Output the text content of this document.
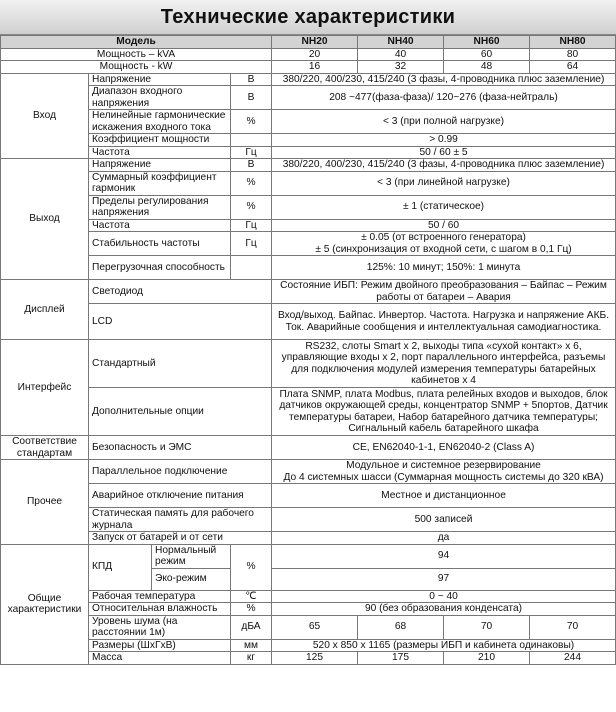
Технические характеристики
Модель				NH20	NH40	NH60	NH80
Мощность – kVA				20	40	60	80
Мощность - kW				16	32	48	64
Вход	Напряжение		В	380/220, 400/230, 415/240 (3 фазы, 4-проводника плюс заземление)			
	Диапазон входного напряжения		В	208 ~477(фаза-фаза)/ 120~276 (фаза-нейтраль)			
	Нелинейные гармонические искажения входного тока		%	< 3 (при полной нагрузке)			
	Коэффициент мощности			> 0.99			
	Частота		Гц	50 / 60 ± 5			
Выход	Напряжение		В	380/220, 400/230, 415/240 (3 фазы, 4-проводника плюс заземление)			
	Суммарный коэффициент гармоник		%	< 3 (при линейной нагрузке)			
	Пределы регулирования напряжения		%	± 1 (статическое)			
	Частота		Гц	50 / 60			
	Стабильность частоты		Гц	± 0.05 (от встроенного генератора)
± 5 (синхронизация от входной сети, с шагом в 0,1 Гц)			

	Перегрузочная способность			125%: 10 минут; 150%: 1 минута			
Дисплей	Светодиод			Состояние ИБП: Режим двойного преобразования – Байпас – Режим работы от батареи – Авария			
	LCD			Вход/выход. Байпас. Инвертор. Частота. Нагрузка и напряжение АКБ. Ток. Аварийные сообщения и интеллектуальная самодиагностика.			
Интерфейс	Стандартный			RS232, слоты Smart x 2, выходы типа «сухой контакт» x 6, управляющие входы x 2, порт параллельного интерфейса, разъемы для подключения модулей измерения температуры батарейных кабинетов x 4			
	Дополнительные опции			Плата SNMP, плата Modbus, плата релейных входов и выходов, блок датчиков окружающей среды, концентратор SNMP + 5портов, Датчик температуры батареи, Набор батарейного датчика температуры; Сигнальный кабель батарейного шкафа			
Соответствие стандартам	Безопасность и ЭМС			CE, EN62040-1-1, EN62040-2 (Class A)			
Прочее	Параллельное подключение			Модульное и системное резервирование
До 4 системных шасси (Суммарная мощность системы до 320 кВА)			

	Аварийное отключение питания			Местное и дистанционное			
	Статическая память для рабочего журнала			500 записей			
	Запуск от батарей и от сети			да			
Общие характеристики	КПД	Нормальный режим	%	94			
		Эко-режим		97			
	Рабочая температура		℃	0 ~ 40			
	Относительная влажность		%	90 (без образования конденсата)			
	Уровень шума (на расстоянии 1м)		дБА	65	68	70	70
	Размеры (ШхГхВ)		мм	520 x 850 x 1165 (размеры ИБП и кабинета одинаковы)			
	Масса		кг	125	175	210	244
